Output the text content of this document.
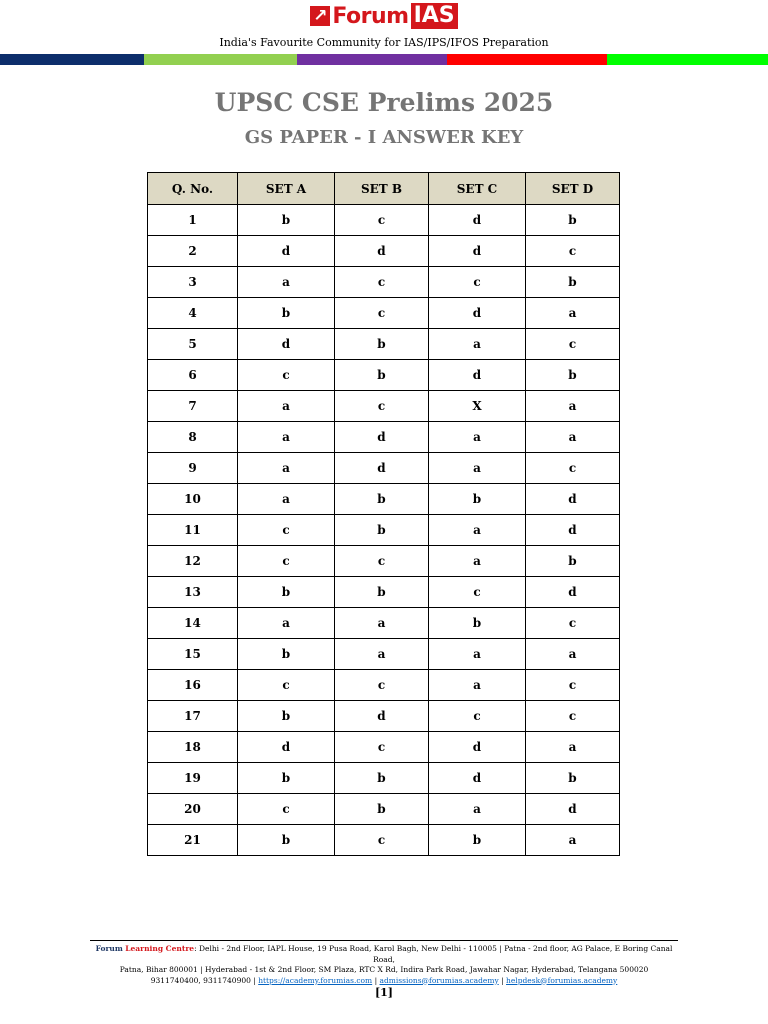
↗ Forum IAS
India's Favourite Community for IAS/IPS/IFOS Preparation
UPSC CSE Prelims 2025
GS PAPER - I ANSWER KEY
Q. No.	SET A	SET B	SET C	SET D
1	b	c	d	b
2	d	d	d	c
3	a	c	c	b
4	b	c	d	a
5	d	b	a	c
6	c	b	d	b
7	a	c	X	a
8	a	d	a	a
9	a	d	a	c
10	a	b	b	d
11	c	b	a	d
12	c	c	a	b
13	b	b	c	d
14	a	a	b	c
15	b	a	a	a
16	c	c	a	c
17	b	d	c	c
18	d	c	d	a
19	b	b	d	b
20	c	b	a	d
21	b	c	b	a
Forum Learning Centre: Delhi - 2nd Floor, IAPL House, 19 Pusa Road, Karol Bagh, New Delhi - 110005 | Patna - 2nd floor, AG Palace, E Boring Canal Road,
Patna, Bihar 800001 | Hyderabad - 1st & 2nd Floor, SM Plaza, RTC X Rd, Indira Park Road, Jawahar Nagar, Hyderabad, Telangana 500020
9311740400, 9311740900 | https://academy.forumias.com | admissions@forumias.academy | helpdesk@forumias.academy
[1]
